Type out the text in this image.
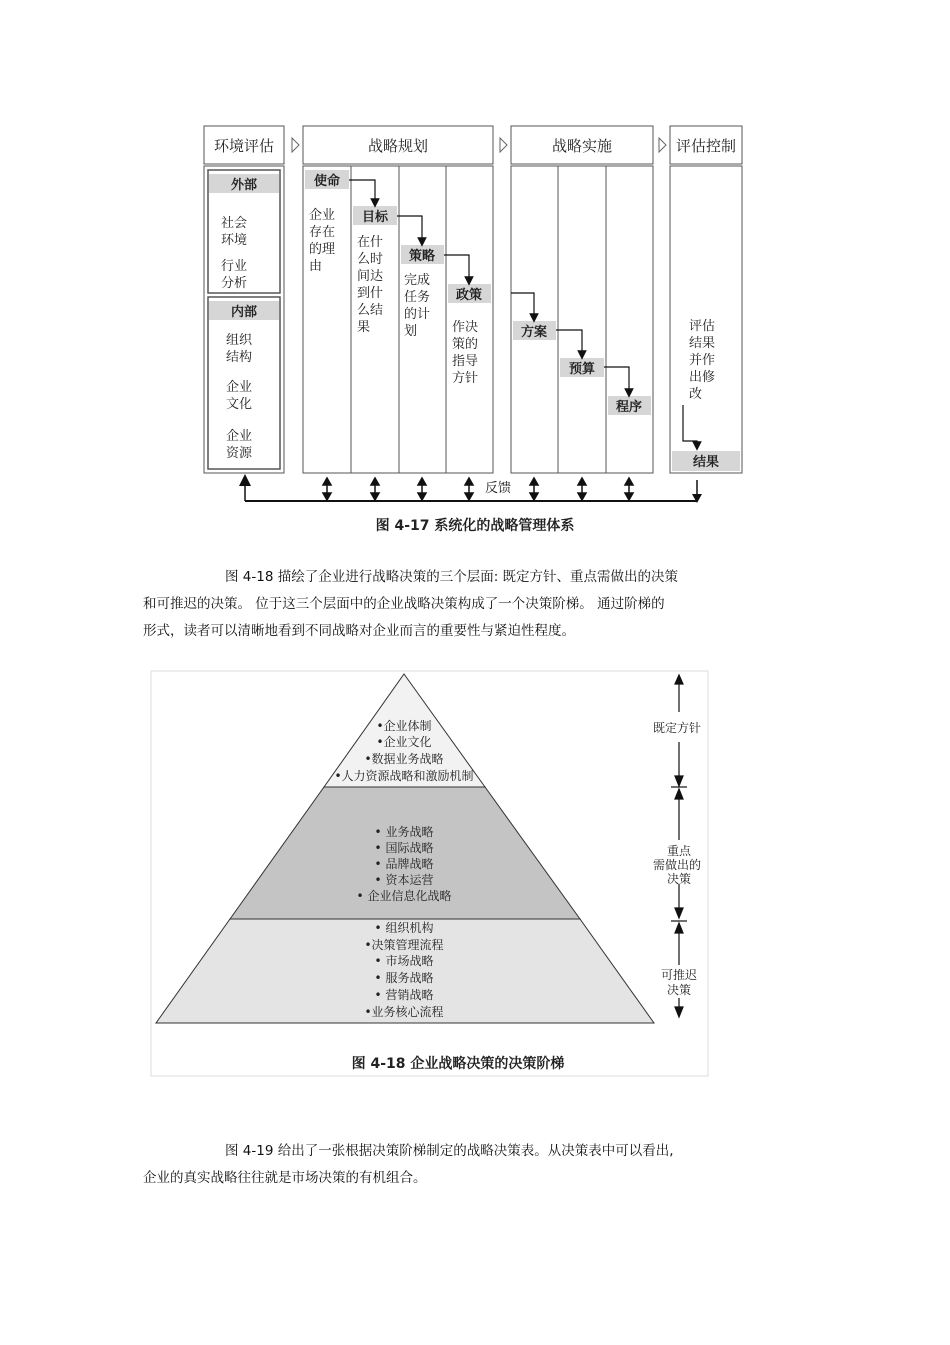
环境评估	战略规划	战略实施	评估控制
外部
内部
社会
环境
行业
分析
组织
结构
企业
文化
企业
资源
使命
目标
策略
政策
企业
存在
的理
由
在什
么时
间达
到什
么结
果
完成
任务
的计
划	作决
策的
指导
方针
方案
预算
程序
评估
结果
并作
出修
改
结果
反馈
图 4-17 系统化的战略管理体系

图 4-18 描绘了企业进行战略决策的三个层面: 既定方针、重点需做出的决策

和可推迟的决策。 位于这三个层面中的企业战略决策构成了一个决策阶梯。 通过阶梯的

形式，读者可以清晰地看到不同战略对企业而言的重要性与紧迫性程度。

•企业体制
•企业文化
•数据业务战略
•人力资源战略和激励机制
• 业务战略
• 国际战略
• 品牌战略
• 资本运营
• 企业信息化战略
• 组织机构
•决策管理流程
• 市场战略
• 服务战略
• 营销战略
•业务核心流程
既定方针
重点
需做出的
决策
可推迟
决策
图 4-18 企业战略决策的决策阶梯

图 4-19 给出了一张根据决策阶梯制定的战略决策表。从决策表中可以看出,

企业的真实战略往往就是市场决策的有机组合。
